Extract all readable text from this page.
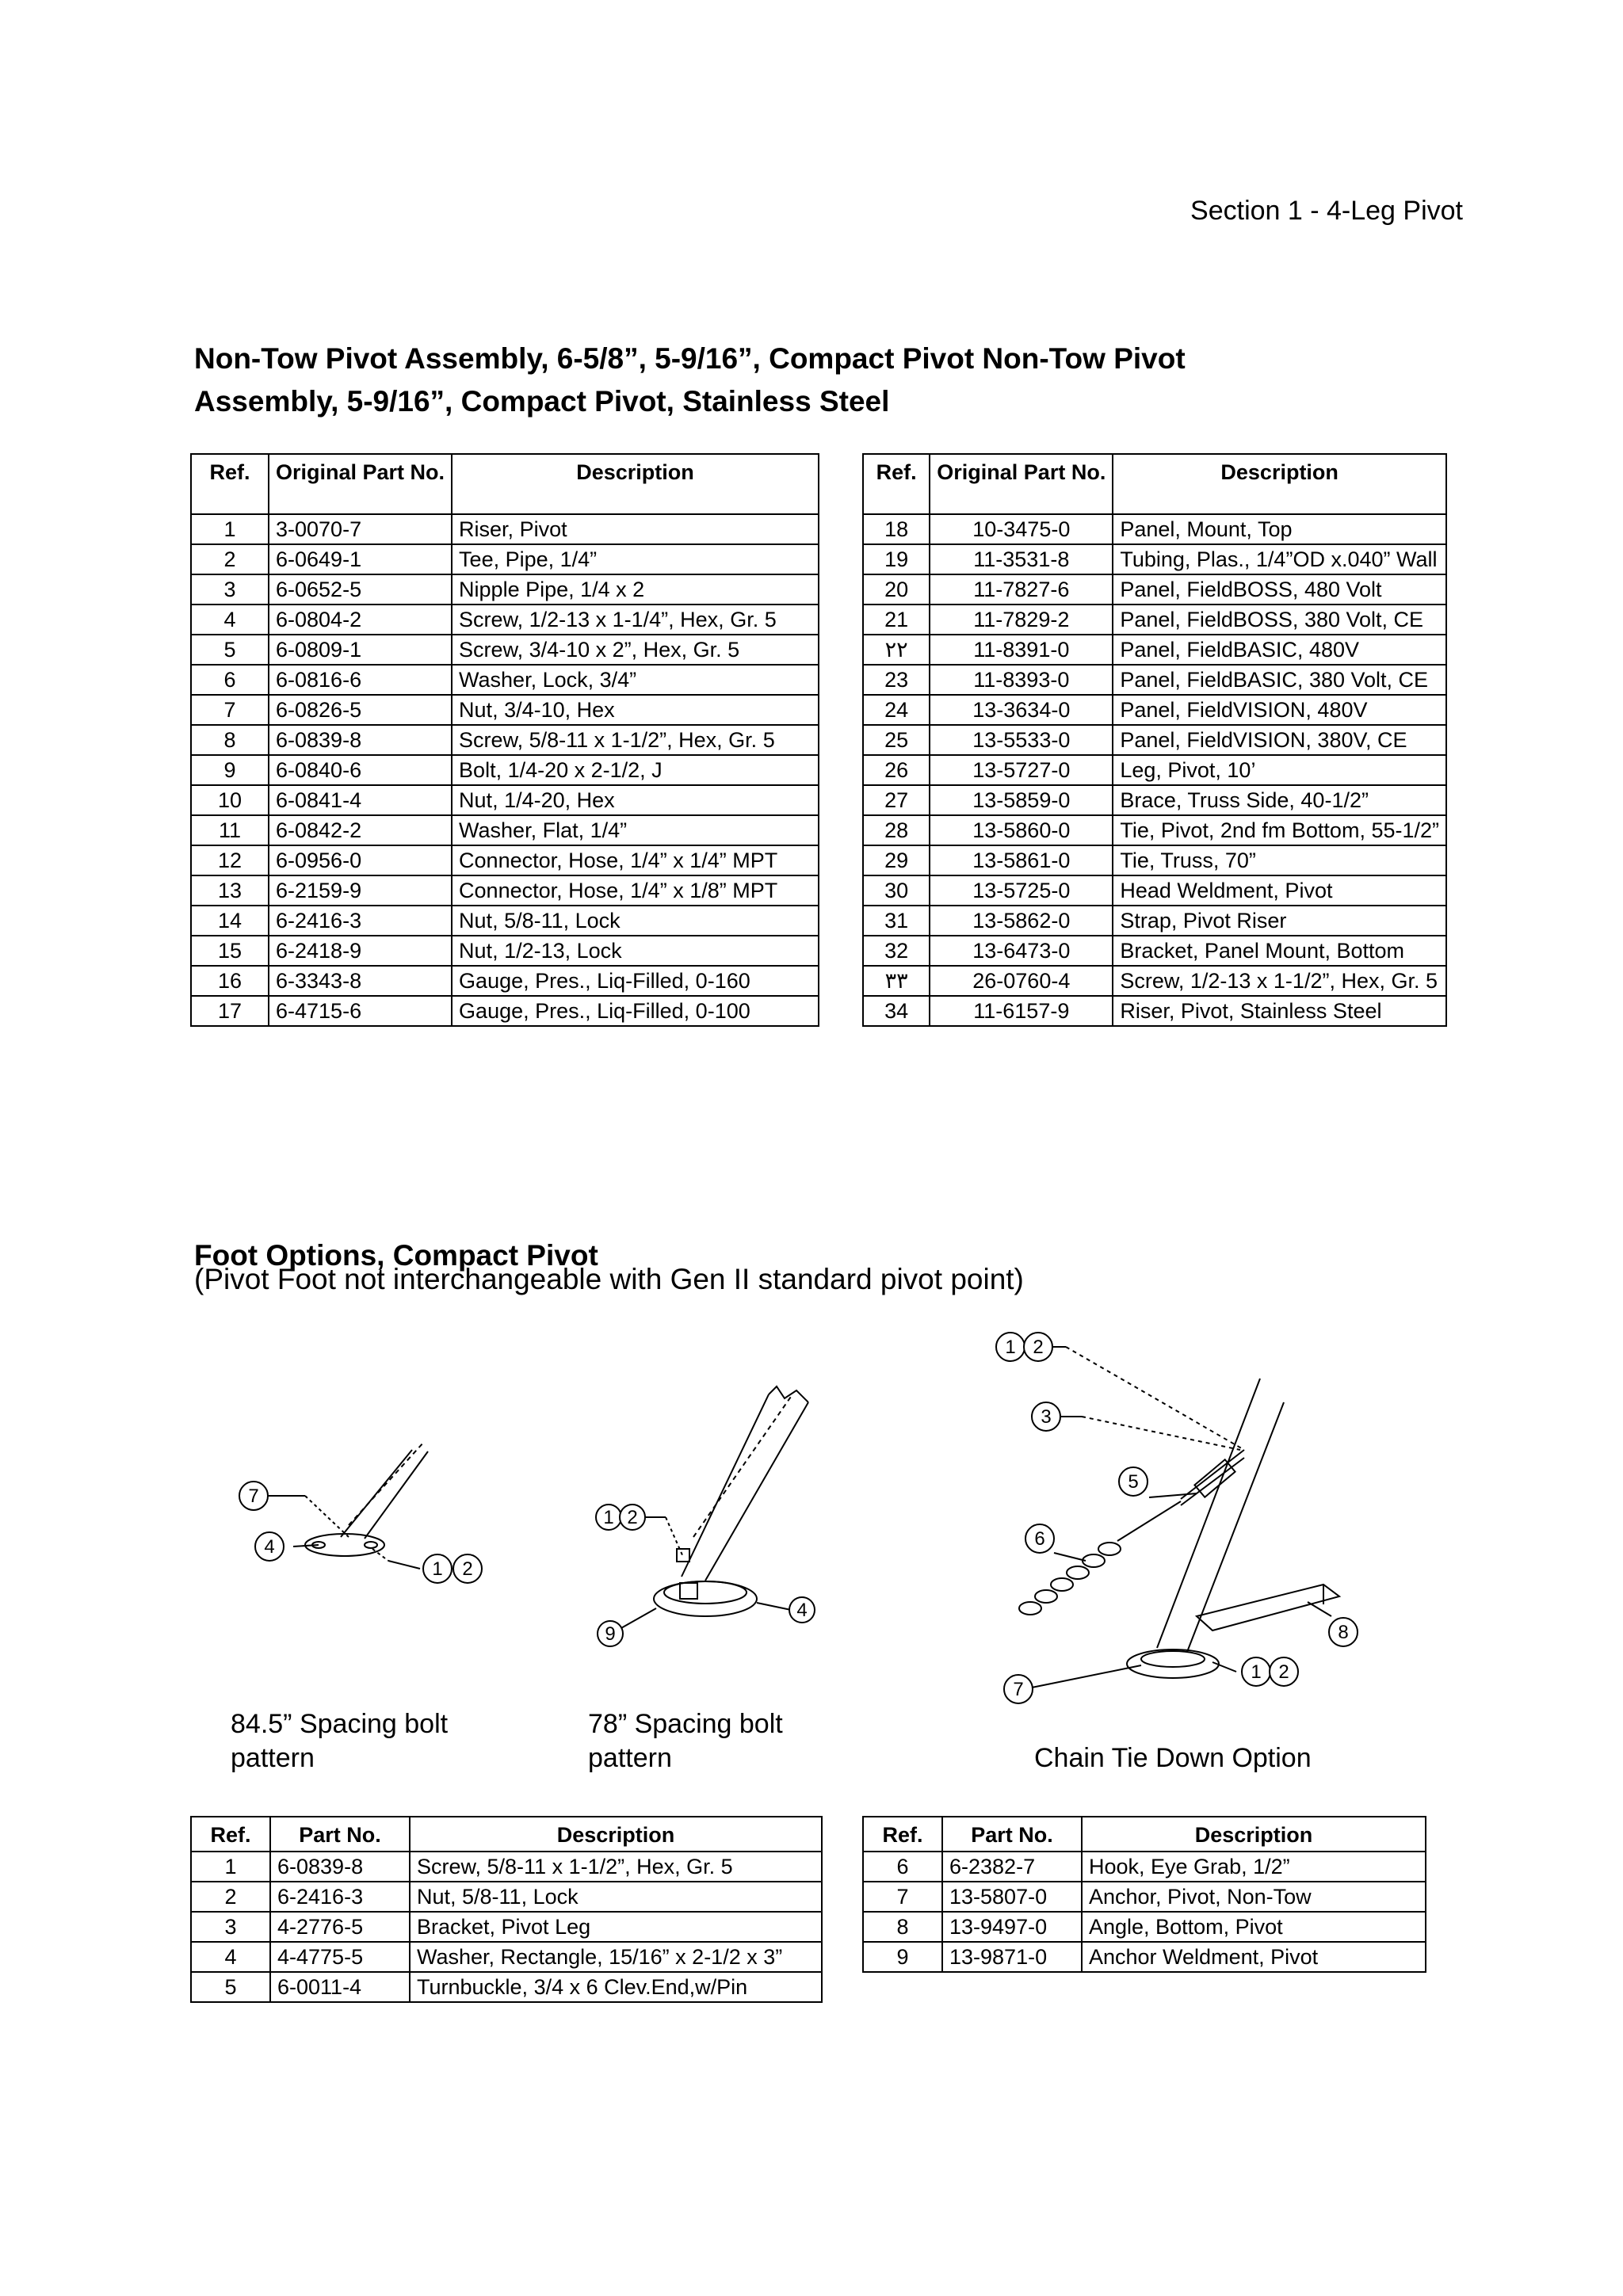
Section 1 - 4-Leg Pivot
Non-Tow Pivot Assembly, 6-5/8”, 5-9/16”, Compact Pivot Non-Tow Pivot Assembly, 5-9/16”, Compact Pivot, Stainless Steel
Ref.	Original Part No.	Description
1	3-0070-7	Riser, Pivot
2	6-0649-1	Tee, Pipe, 1/4”
3	6-0652-5	Nipple Pipe, 1/4 x 2
4	6-0804-2	Screw, 1/2-13 x 1-1/4”, Hex, Gr. 5
5	6-0809-1	Screw, 3/4-10 x 2”, Hex, Gr. 5
6	6-0816-6	Washer, Lock, 3/4”
7	6-0826-5	Nut, 3/4-10, Hex
8	6-0839-8	Screw, 5/8-11 x 1-1/2”, Hex, Gr. 5
9	6-0840-6	Bolt, 1/4-20 x 2-1/2, J
10	6-0841-4	Nut, 1/4-20, Hex
11	6-0842-2	Washer, Flat, 1/4”
12	6-0956-0	Connector, Hose, 1/4” x 1/4” MPT
13	6-2159-9	Connector, Hose, 1/4” x 1/8” MPT
14	6-2416-3	Nut, 5/8-11, Lock
15	6-2418-9	Nut, 1/2-13, Lock
16	6-3343-8	Gauge, Pres., Liq-Filled, 0-160
17	6-4715-6	Gauge, Pres., Liq-Filled, 0-100
Ref.	Original Part No.	Description
18	10-3475-0	Panel, Mount, Top
19	11-3531-8	Tubing, Plas., 1/4”OD x.040” Wall
20	11-7827-6	Panel, FieldBOSS, 480 Volt
21	11-7829-2	Panel, FieldBOSS, 380 Volt, CE
٢٢	11-8391-0	Panel, FieldBASIC, 480V
23	11-8393-0	Panel, FieldBASIC, 380 Volt, CE
24	13-3634-0	Panel, FieldVISION, 480V
25	13-5533-0	Panel, FieldVISION, 380V, CE
26	13-5727-0	Leg, Pivot, 10’
27	13-5859-0	Brace, Truss Side, 40-1/2”
28	13-5860-0	Tie, Pivot, 2nd fm Bottom, 55-1/2”
29	13-5861-0	Tie, Truss, 70”
30	13-5725-0	Head Weldment, Pivot
31	13-5862-0	Strap, Pivot Riser
32	13-6473-0	Bracket, Panel Mount, Bottom
٣٣	26-0760-4	Screw, 1/2-13 x 1-1/2”, Hex, Gr. 5
34	11-6157-9	Riser, Pivot, Stainless Steel
Foot Options, Compact Pivot
(Pivot Foot not interchangeable with Gen II standard pivot point)
7
4
1 2
1 2
4
9
1 2
3
5
6
8
7
1 2
84.5” Spacing bolt pattern
78” Spacing bolt pattern	Chain Tie Down Option
Ref.	Part No.	Description
1	6-0839-8	Screw, 5/8-11 x 1-1/2”, Hex, Gr. 5
2	6-2416-3	Nut, 5/8-11, Lock
3	4-2776-5	Bracket, Pivot Leg
4	4-4775-5	Washer, Rectangle, 15/16” x 2-1/2 x 3”
5	6-0011-4	Turnbuckle, 3/4 x 6 Clev.End,w/Pin
Ref.	Part No.	Description
6	6-2382-7	Hook, Eye Grab, 1/2”
7	13-5807-0	Anchor, Pivot, Non-Tow
8	13-9497-0	Angle, Bottom, Pivot
9	13-9871-0	Anchor Weldment, Pivot
